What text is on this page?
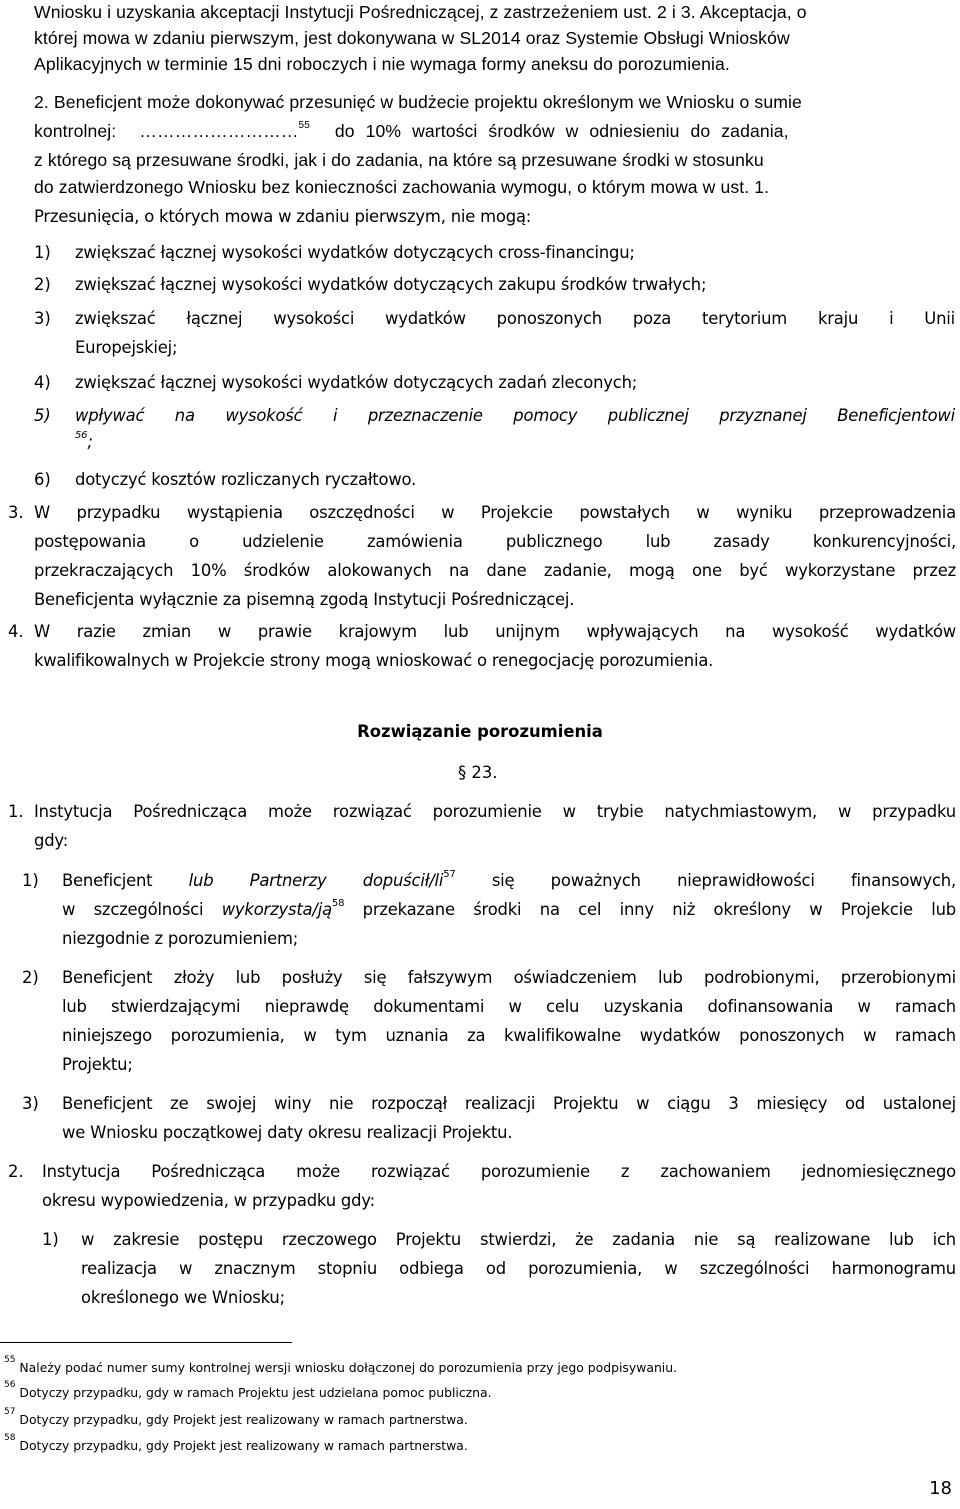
Wniosku i uzyskania akceptacji Instytucji Pośredniczącej, z zastrzeżeniem ust. 2 i 3. Akceptacja, o
której mowa w zdaniu pierwszym, jest dokonywana w SL2014 oraz Systemie Obsługi Wniosków
Aplikacyjnych w terminie 15 dni roboczych i nie wymaga formy aneksu do porozumienia.
2. Beneficjent może dokonywać przesunięć w budżecie projektu określonym we Wniosku o sumie
kontrolnej: ………………………$^{55}$ do 10% wartości środków w odniesieniu do zadania,
z którego są przesuwane środki, jak i do zadania, na które są przesuwane środki w stosunku
do zatwierdzonego Wniosku bez konieczności zachowania wymogu, o którym mowa w ust. 1.
Przesunięcia, o których mowa w zdaniu pierwszym, nie mogą:
1) zwiększać łącznej wysokości wydatków dotyczących cross-financingu;
2) zwiększać łącznej wysokości wydatków dotyczących zakupu środków trwałych;
3) zwiększać łącznej wysokości wydatków ponoszonych poza terytorium kraju i Unii
Europejskiej;
4) zwiększać łącznej wysokości wydatków dotyczących zadań zleconych;
5) wpływać na wysokość i przeznaczenie pomocy publicznej przyznanej Beneficjentowi
$^{56}$;
6) dotyczyć kosztów rozliczanych ryczałtowo.
3. W przypadku wystąpienia oszczędności w Projekcie powstałych w wyniku przeprowadzenia
postępowania o udzielenie zamówienia publicznego lub zasady konkurencyjności,
przekraczających 10% środków alokowanych na dane zadanie, mogą one być wykorzystane przez
Beneficjenta wyłącznie za pisemną zgodą Instytucji Pośredniczącej.
4. W razie zmian w prawie krajowym lub unijnym wpływających na wysokość wydatków
kwalifikowalnych w Projekcie strony mogą wnioskować o renegocjację porozumienia.
Rozwiązanie porozumienia
§ 23.
1. Instytucja Pośrednicząca może rozwiązać porozumienie w trybie natychmiastowym, w przypadku
gdy:
1) Beneficjent lub Partnerzy dopuścił/$li^{57}$ się poważnych nieprawidłowości finansowych,
w szczególności wykorzysta/$ją^{58}$ przekazane środki na cel inny niż określony w Projekcie lub
niezgodnie z porozumieniem;
2) Beneficjent złoży lub posłuży się fałszywym oświadczeniem lub podrobionymi, przerobionymi
lub stwierdzającymi nieprawdę dokumentami w celu uzyskania dofinansowania w ramach
niniejszego porozumienia, w tym uznania za kwalifikowalne wydatków ponoszonych w ramach
Projektu;
3) Beneficjent ze swojej winy nie rozpoczął realizacji Projektu w ciągu 3 miesięcy od ustalonej
we Wniosku początkowej daty okresu realizacji Projektu.
2. Instytucja Pośrednicząca może rozwiązać porozumienie z zachowaniem jednomiesięcznego
okresu wypowiedzenia, w przypadku gdy:
1) w zakresie postępu rzeczowego Projektu stwierdzi, że zadania nie są realizowane lub ich
realizacja w znacznym stopniu odbiega od porozumienia, w szczególności harmonogramu
określonego we Wniosku;
$^{55}$ Należy podać numer sumy kontrolnej wersji wniosku dołączonej do porozumienia przy jego podpisywaniu.
$^{56}$ Dotyczy przypadku, gdy w ramach Projektu jest udzielana pomoc publiczna.
$^{57}$ Dotyczy przypadku, gdy Projekt jest realizowany w ramach partnerstwa.
$^{58}$ Dotyczy przypadku, gdy Projekt jest realizowany w ramach partnerstwa.
18
